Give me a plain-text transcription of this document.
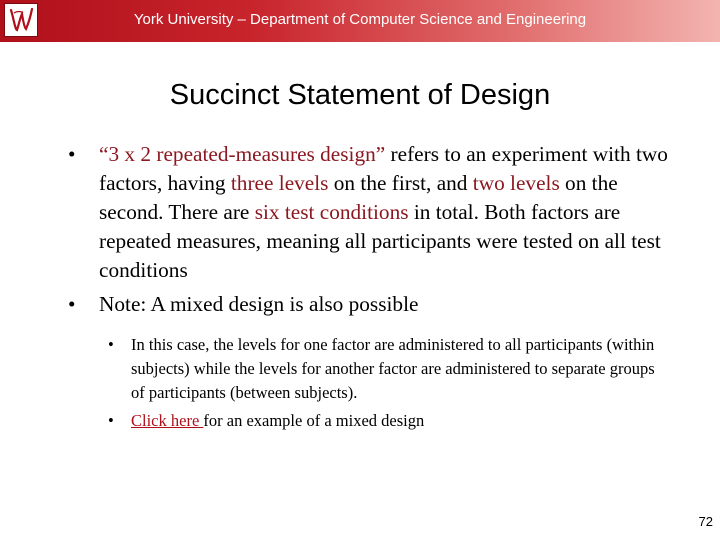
York University – Department of Computer Science and Engineering
Succinct Statement of Design
• “3 x 2 repeated-measures design” refers to an experiment with two factors, having three levels on the first, and two levels on the second. There are six test conditions in total. Both factors are repeated measures, meaning all participants were tested on all test conditions
• Note: A mixed design is also possible
• In this case, the levels for one factor are administered to all participants (within subjects) while the levels for another factor are administered to separate groups of participants (between subjects).
• Click here for an example of a mixed design
72
